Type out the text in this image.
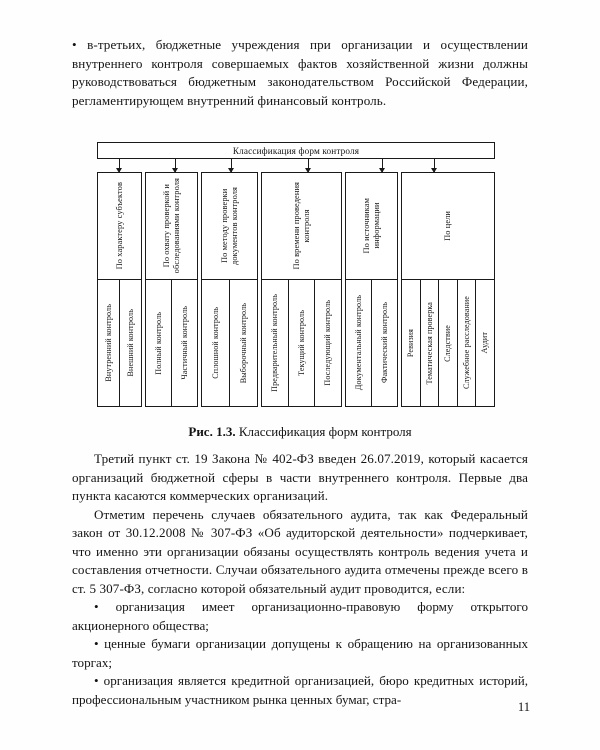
• в-третьих, бюджетные учреждения при организации и осуществлении внутреннего контроля совершаемых фактов хозяйственной жизни должны руководствоваться бюджетным законодательством Российской Федерации, регламентирующем внутренний финансовый контроль.

Классификация форм контроля
По характеру субъектов
Внутренний контроль Внешний контроль
По охвату проверкой и
обследованиями контроля
Полный контроль Частичный контроль
По методу проверки
документов контроля
Сплошной контроль Выборочный контроль
По времени проведения
контроля
Предварительный контроль Текущий контроль Последующий контроль
По источникам
информации
Документальный контроль Фактический контроль
По цели
Ревизия Тематическая проверка Следствие Служебное расследование Аудит
Рис. 1.3. Классификация форм контроля

Третий пункт ст. 19 Закона № 402-ФЗ введен 26.07.2019, который касается организаций бюджетной сферы в части внутреннего контроля. Первые два пункта касаются коммерческих организаций.

Отметим перечень случаев обязательного аудита, так как Федеральный закон от 30.12.2008 № 307-ФЗ «Об аудиторской деятельности» подчеркивает, что именно эти организации обязаны осуществлять контроль ведения учета и составления отчетности. Случаи обязательного аудита отмечены прежде всего в ст. 5 307-ФЗ, согласно которой обязательный аудит проводится, если:

• организация имеет организационно-правовую форму открытого акционерного общества;

• ценные бумаги организации допущены к обращению на организованных торгах;

• организация является кредитной организацией, бюро кредитных историй, профессиональным участником рынка ценных бумаг, стра-

11
